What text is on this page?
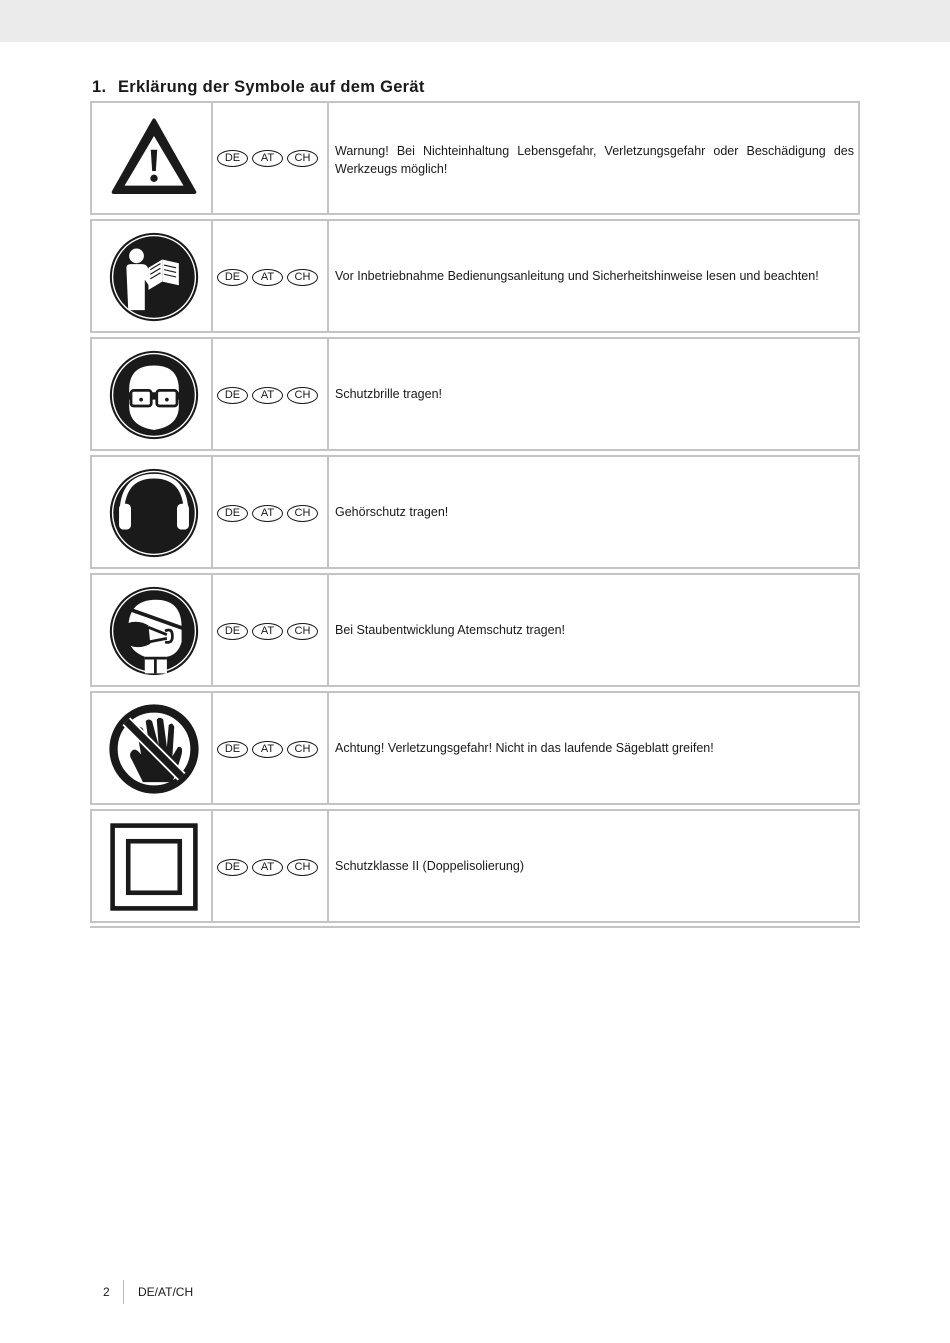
1. Erklärung der Symbole auf dem Gerät
DE	AT	CH	Warnung! Bei Nichteinhaltung Lebensgefahr, Verletzungsgefahr oder Beschädigung des Werkzeugs möglich!
DE	AT	CH	Vor Inbetriebnahme Bedienungsanleitung und Sicherheitshinweise lesen und beachten!
DE	AT	CH	Schutzbrille tragen!
DE	AT	CH	Gehörschutz tragen!
DE	AT	CH	Bei Staubentwicklung Atemschutz tragen!
DE	AT	CH	Achtung! Verletzungsgefahr! Nicht in das laufende Sägeblatt greifen!
DE	AT	CH	Schutzklasse II (Doppelisolierung)
2 DE/AT/CH
